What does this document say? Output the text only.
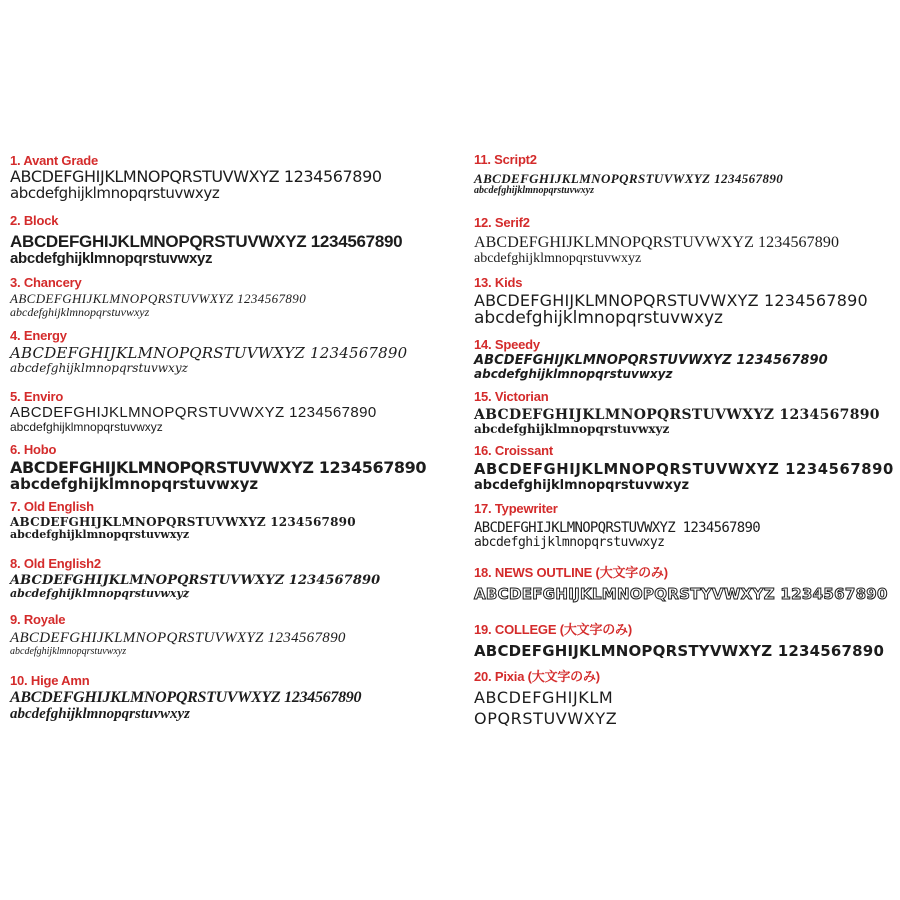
1. Avant Grade
ABCDEFGHIJKLMNOPQRSTUVWXYZ 1234567890
abcdefghijklmnopqrstuvwxyz
2. Block
ABCDEFGHIJKLMNOPQRSTUVWXYZ 1234567890
abcdefghijklmnopqrstuvwxyz
3. Chancery
ABCDEFGHIJKLMNOPQRSTUVWXYZ 1234567890
abcdefghijklmnopqrstuvwxyz
4. Energy
ABCDEFGHIJKLMNOPQRSTUVWXYZ 1234567890
abcdefghijklmnopqrstuvwxyz
5. Enviro
ABCDEFGHIJKLMNOPQRSTUVWXYZ 1234567890
abcdefghijklmnopqrstuvwxyz
6. Hobo
ABCDEFGHIJKLMNOPQRSTUVWXYZ 1234567890
abcdefghijklmnopqrstuvwxyz
7. Old English
ABCDEFGHIJKLMNOPQRSTUVWXYZ 1234567890
abcdefghijklmnopqrstuvwxyz
8. Old English2
ABCDEFGHIJKLMNOPQRSTUVWXYZ 1234567890
abcdefghijklmnopqrstuvwxyz
9. Royale
ABCDEFGHIJKLMNOPQRSTUVWXYZ 1234567890
abcdefghijklmnopqrstuvwxyz
10. Hige Amn
ABCDEFGHIJKLMNOPQRSTUVWXYZ 1234567890
abcdefghijklmnopqrstuvwxyz
11. Script2
ABCDEFGHIJKLMNOPQRSTUVWXYZ 1234567890
abcdefghijklmnopqrstuvwxyz
12. Serif2
ABCDEFGHIJKLMNOPQRSTUVWXYZ 1234567890
abcdefghijklmnopqrstuvwxyz
13. Kids
ABCDEFGHIJKLMNOPQRSTUVWXYZ 1234567890
abcdefghijklmnopqrstuvwxyz
14. Speedy
ABCDEFGHIJKLMNOPQRSTUVWXYZ 1234567890
abcdefghijklmnopqrstuvwxyz
15. Victorian
ABCDEFGHIJKLMNOPQRSTUVWXYZ 1234567890
abcdefghijklmnopqrstuvwxyz
16. Croissant
ABCDEFGHIJKLMNOPQRSTUVWXYZ 1234567890
abcdefghijklmnopqrstuvwxyz
17. Typewriter
ABCDEFGHIJKLMNOPQRSTUVWXYZ 1234567890
abcdefghijklmnopqrstuvwxyz
18. NEWS OUTLINE (大文字のみ)
ABCDEFGHIJKLMNOPQRSTYVWXYZ 1234567890
19. COLLEGE (大文字のみ)
ABCDEFGHIJKLMNOPQRSTYVWXYZ 1234567890
20. Pixia (大文字のみ)
ABCDEFGHIJKLM
OPQRSTUVWXYZ
